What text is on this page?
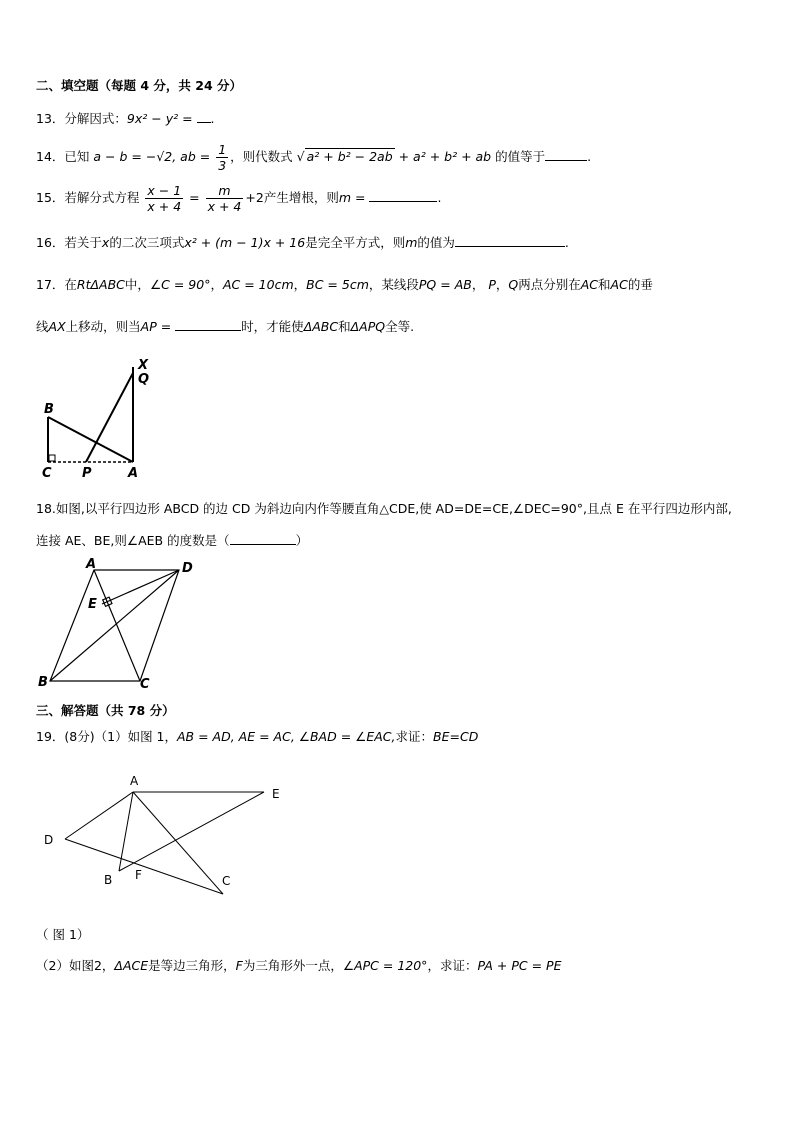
二、填空题（每题 4 分，共 24 分）
13．分解因式：9x² − y² = .
14．已知 a − b = −√2, ab = $\frac{1}{3}$ ，则代数式 √ a² + b² − 2ab + a² + b² + ab 的值等于	.
15．若解分式方程 $\frac{x - 1}{x + 4} = \frac{m}{x + 4} +2$产生增根，则m =	.
16．若关于x的二次三项式x² + (m − 1)x + 16是完全平方式，则m的值为	.
17．在RtΔABC中，∠C = 90°，AC = 10cm，BC = 5cm，某线段PQ = AB， P，Q两点分别在AC和AC的垂
线AX上移动，则当AP =	时，才能使ΔABC和ΔAPQ全等.
X
Q
B
C P	A
18.如图,以平行四边形 ABCD 的边 CD 为斜边向内作等腰直角△CDE,使 AD=DE=CE,∠DEC=90°,且点 E 在平行四边形内部,
连接 AE、BE,则∠AEB 的度数是（	）
A	D
E
B	C
三、解答题（共 78 分）
19．(8分)（1）如图 1，AB = AD, AE = AC, ∠BAD = ∠EAC,求证：BE=CD
A
E
D
B F	C
（ 图 1）
（2）如图2，ΔACE是等边三角形，F为三角形外一点，∠APC = 120°，求证：PA + PC = PE
